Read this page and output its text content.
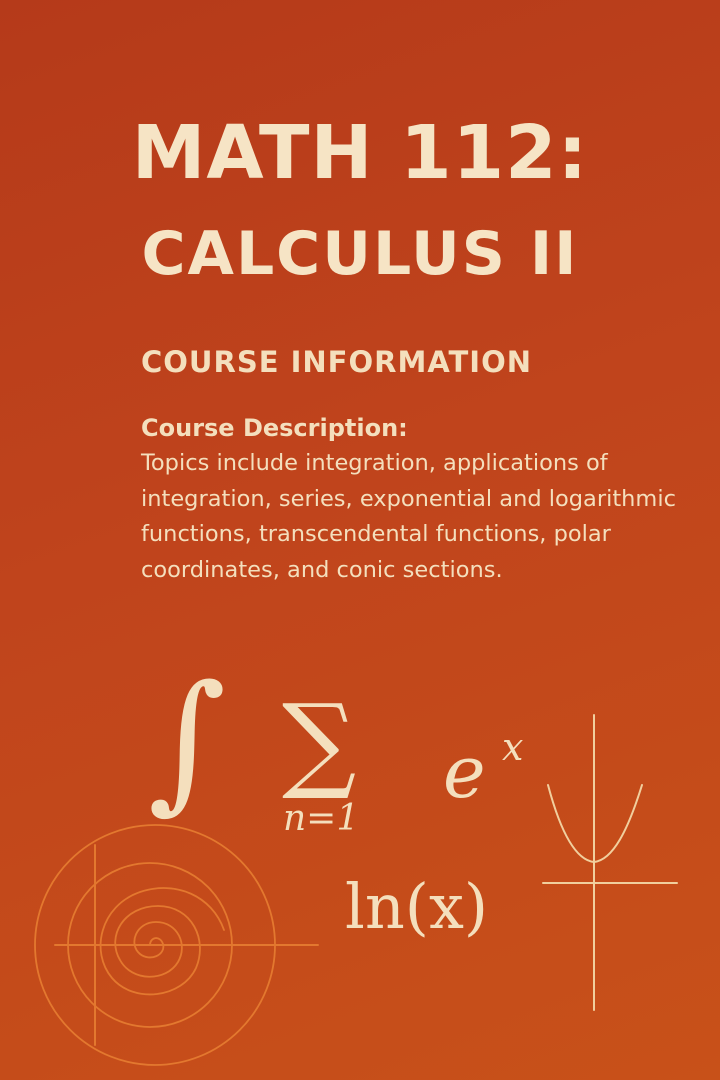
MATH 112:
CALCULUS II
COURSE INFORMATION
Course Description:

Topics include integration, applications of integration, series, exponential and logarithmic functions, transcendental functions, polar coordinates, and conic sections.

∫ ∑
n=1
e x
ln(x)
